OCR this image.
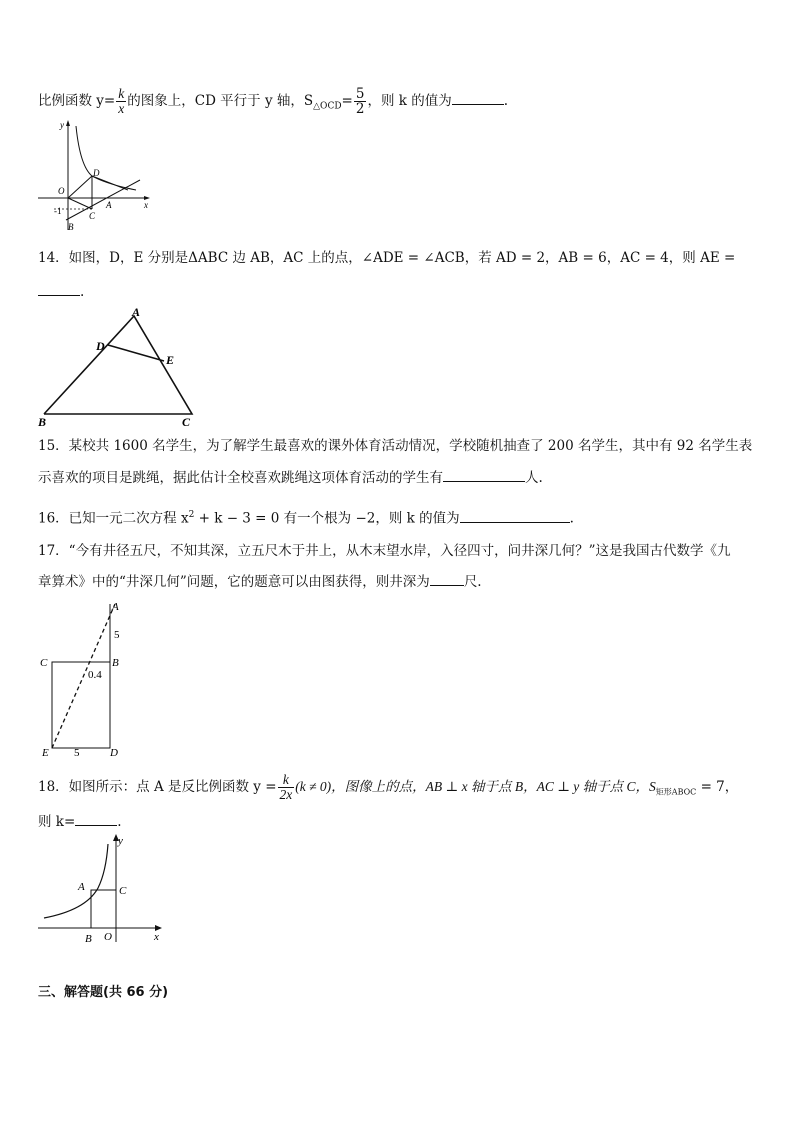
比例函数 $y= \frac{k}{x}$ 的图象上，CD 平行于 y 轴，$S_{\triangle OCD}= \frac{5}{2}$ ，则 k 的值为	.
y
x
O
-1
D
C
A
B
14．如图，D，E 分别是ΔABC 边 AB，AC 上的点，∠ADE = ∠ACB，若 AD = 2，AB = 6，AC = 4，则 AE =
.
A
D
E
B	C
15．某校共 1600 名学生，为了解学生最喜欢的课外体育活动情况，学校随机抽查了 200 名学生，其中有 92 名学生表
示喜欢的项目是跳绳，据此估计全校喜欢跳绳这项体育活动的学生有	人.
16．已知一元二次方程 $x^2 + k - 3 = 0$ 有一个根为 −2，则 k 的值为	.
17．“今有井径五尺，不知其深，立五尺木于井上，从木末望水岸，入径四寸，问井深几何？”这是我国古代数学《九
章算术》中的“井深几何”问题，它的题意可以由图获得，则井深为	尺.
A
5
C	B
0.4
E 5	D
18．如图所示：点 A 是反比例函数 $y = \frac{k}{2x} (k \ne 0)$，图像上的点，AB ⊥ x 轴于点 B，AC ⊥ y 轴于点 C，$S_{矩形ABOC} = 7$，
则 k=	.
y
x
A	C
B O
三、解答题(共 66 分)
